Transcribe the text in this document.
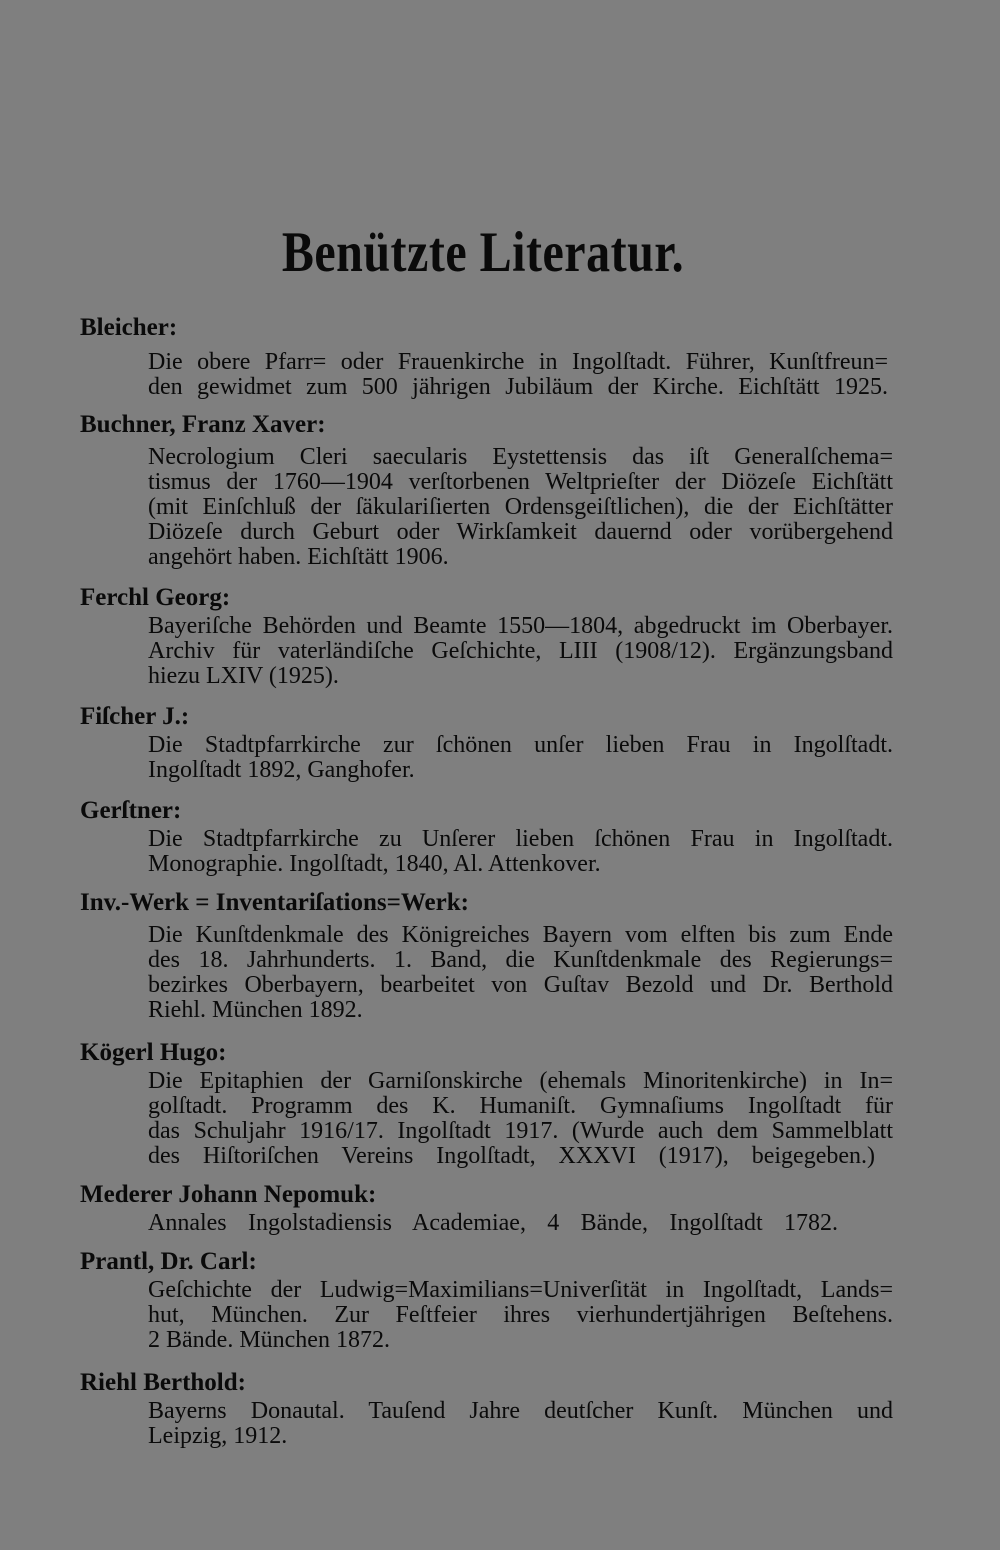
Benützte Literatur.
Bleicher:
Die obere Pfarr= oder Frauenkirche in Ingolſtadt. Führer, Kunſtfreun=
den gewidmet zum 500 jährigen Jubiläum der Kirche. Eichſtätt 1925.
Buchner, Franz Xaver:
Necrologium Cleri saecularis Eystettensis das iſt Generalſchema=
tismus der 1760—1904 verſtorbenen Weltprieſter der Diözeſe Eichſtätt
(mit Einſchluß der ſäkulariſierten Ordensgeiſtlichen), die der Eichſtätter
Diözeſe durch Geburt oder Wirkſamkeit dauernd oder vorübergehend
angehört haben. Eichſtätt 1906.
Ferchl Georg:
Bayeriſche Behörden und Beamte 1550—1804, abgedruckt im Oberbayer.
Archiv für vaterländiſche Geſchichte, LIII (1908/12). Ergänzungsband
hiezu LXIV (1925).
Fiſcher J.:
Die Stadtpfarrkirche zur ſchönen unſer lieben Frau in Ingolſtadt.
Ingolſtadt 1892, Ganghofer.
Gerſtner:
Die Stadtpfarrkirche zu Unſerer lieben ſchönen Frau in Ingolſtadt.
Monographie. Ingolſtadt, 1840, Al. Attenkover.
Inv.-Werk = Inventariſations=Werk:
Die Kunſtdenkmale des Königreiches Bayern vom elften bis zum Ende
des 18. Jahrhunderts. 1. Band, die Kunſtdenkmale des Regierungs=
bezirkes Oberbayern, bearbeitet von Guſtav Bezold und Dr. Berthold
Riehl. München 1892.
Kögerl Hugo:
Die Epitaphien der Garniſonskirche (ehemals Minoritenkirche) in In=
golſtadt. Programm des K. Humaniſt. Gymnaſiums Ingolſtadt für
das Schuljahr 1916/17. Ingolſtadt 1917. (Wurde auch dem Sammelblatt
des Hiſtoriſchen Vereins Ingolſtadt, XXXVI (1917), beigegeben.)
Mederer Johann Nepomuk:
Annales Ingolstadiensis Academiae, 4 Bände, Ingolſtadt 1782.
Prantl, Dr. Carl:
Geſchichte der Ludwig=Maximilians=Univerſität in Ingolſtadt, Lands=
hut, München. Zur Feſtfeier ihres vierhundertjährigen Beſtehens.
2 Bände. München 1872.
Riehl Berthold:
Bayerns Donautal. Tauſend Jahre deutſcher Kunſt. München und
Leipzig, 1912.
